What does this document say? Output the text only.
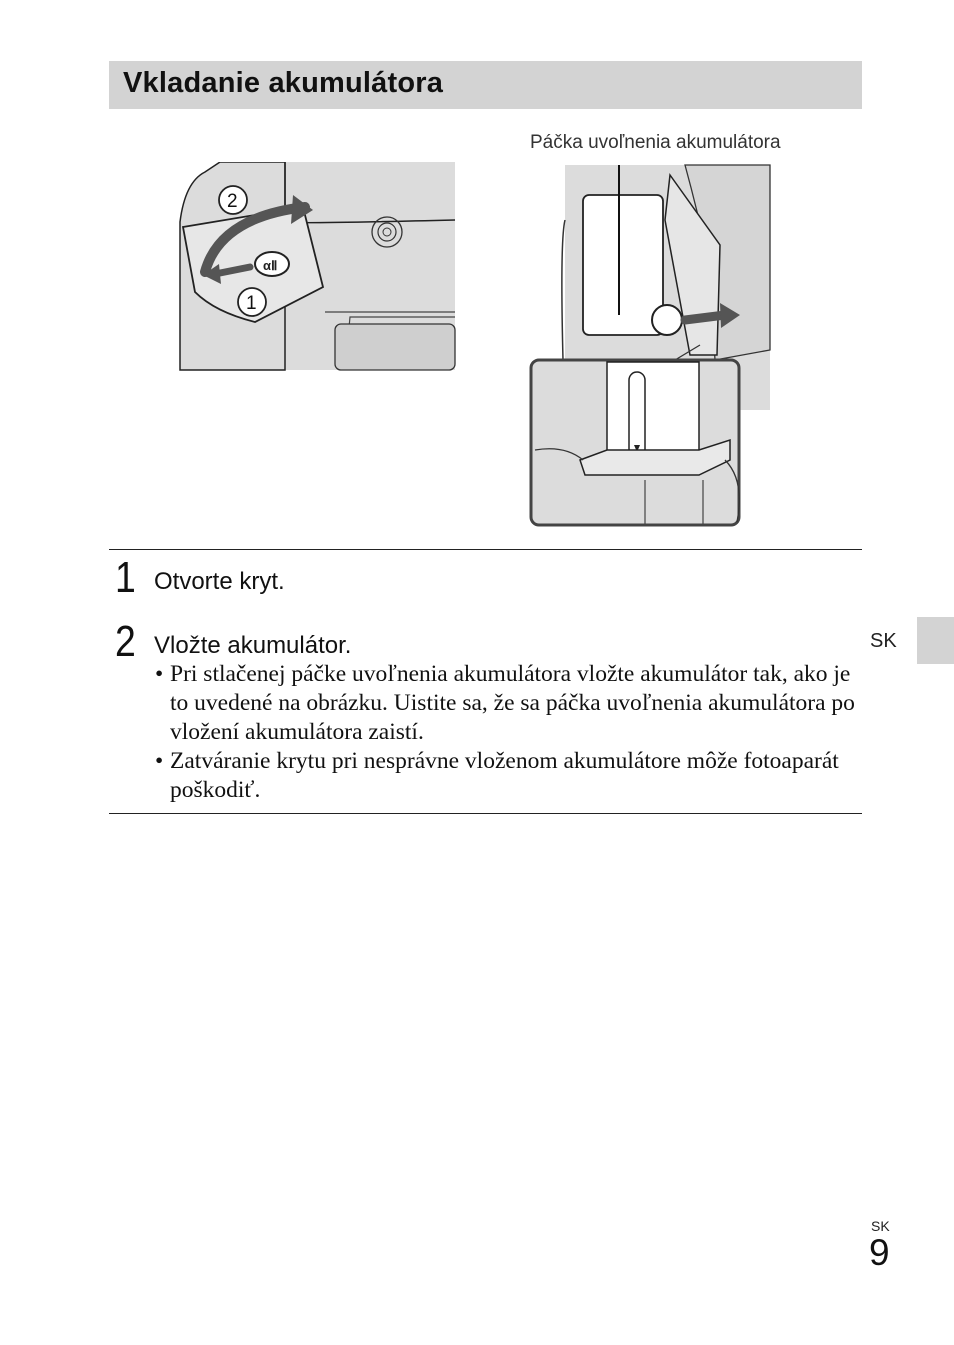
Vkladanie akumulátora
αⅡ
2
1
Páčka uvoľnenia akumulátora
1 Otvorte kryt.
2 Vložte akumulátor.
• Pri stlačenej páčke uvoľnenia akumulátora vložte akumulátor tak, ako je to uvedené na obrázku. Uistite sa, že sa páčka uvoľnenia akumulátora po vložení akumulátora zaistí.
• Zatváranie krytu pri nesprávne vloženom akumulátore môže fotoaparát poškodiť.
SK
SK
9
